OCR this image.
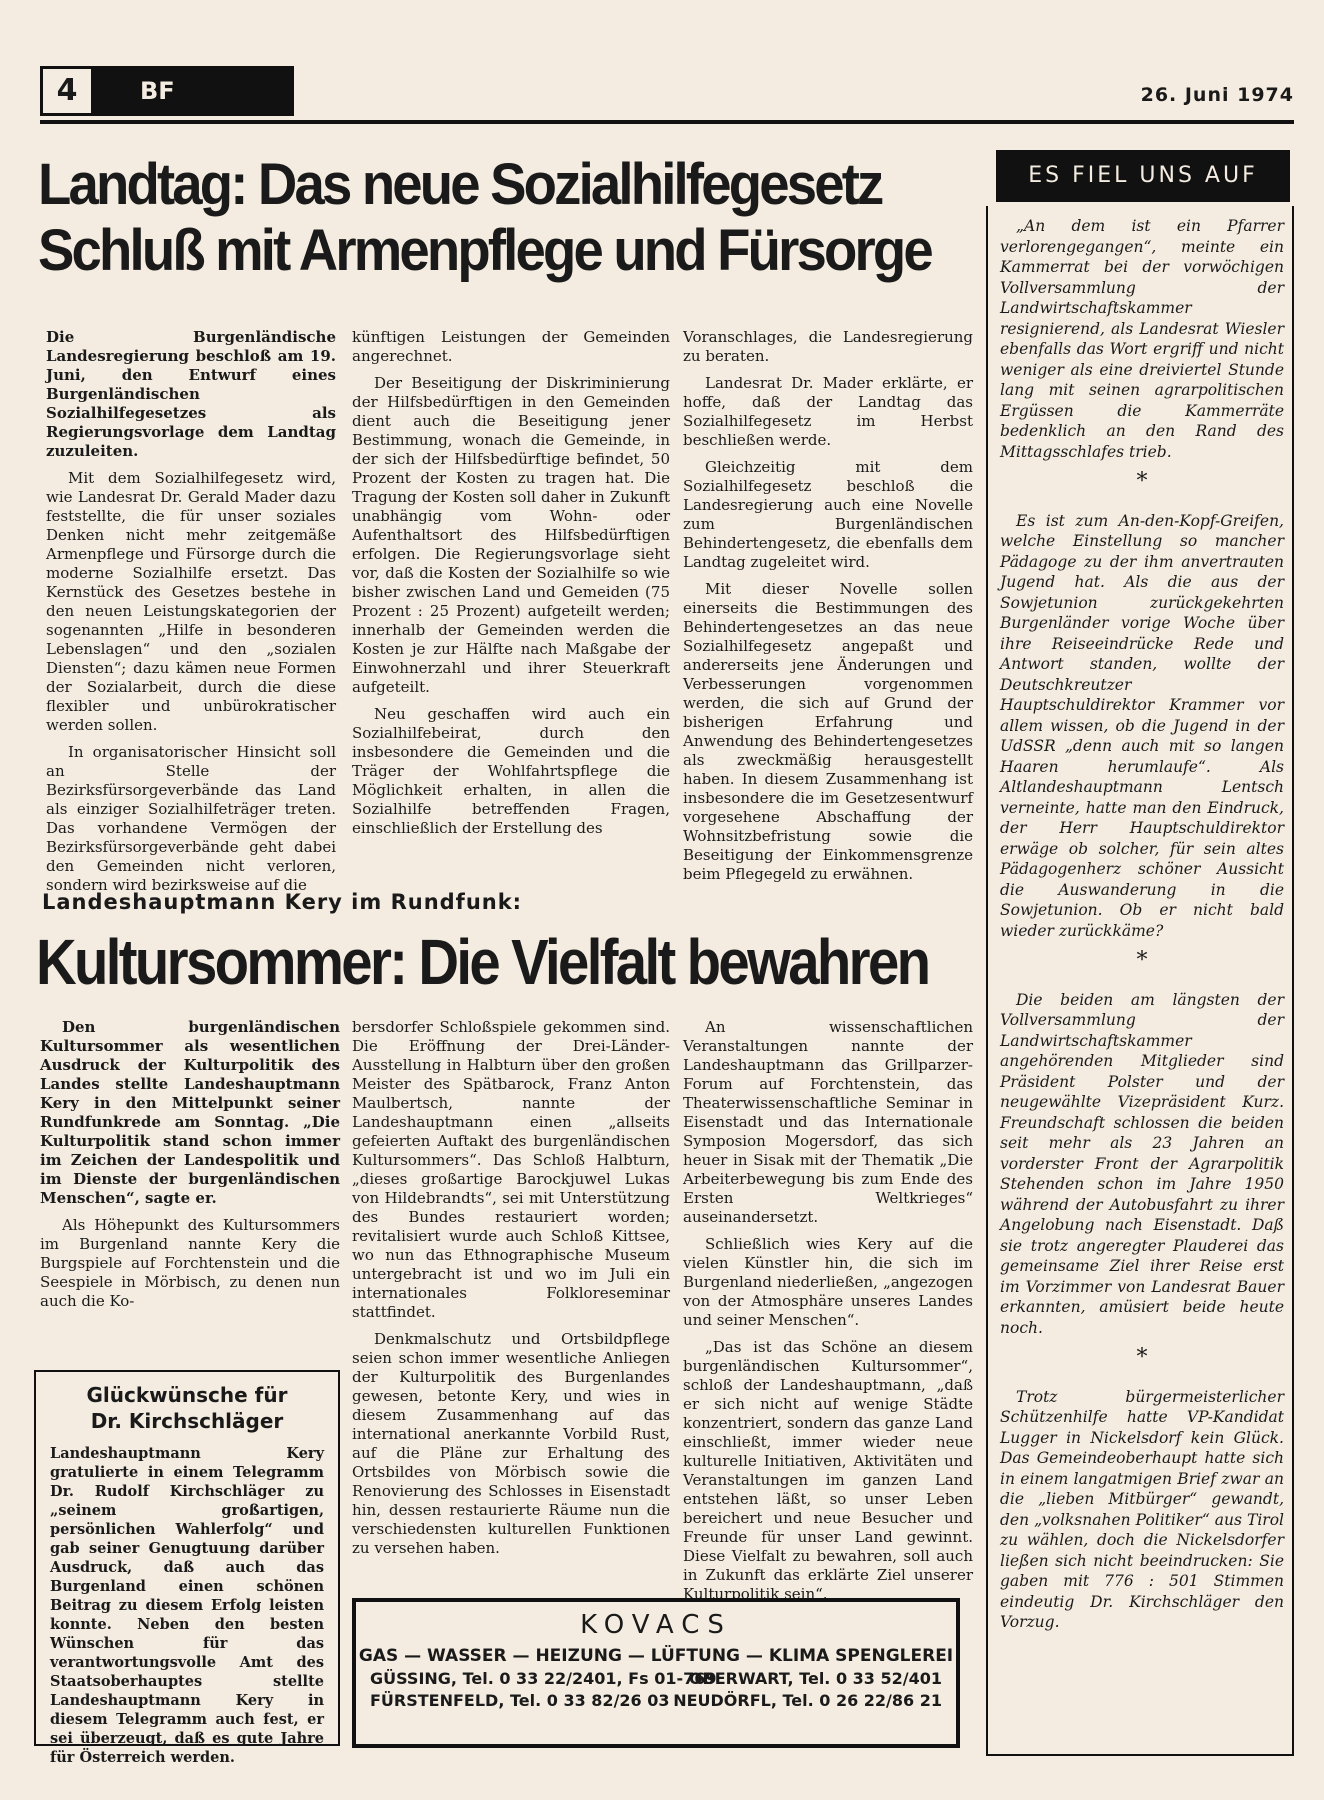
4	BF	26. Juni 1974
Landtag: Das neue Sozialhilfegesetz
Schluß mit Armenpflege und Fürsorge

Die Burgenländische Landesregierung beschloß am 19. Juni, den Entwurf eines Burgenländischen Sozialhilfegesetzes als Regierungsvorlage dem Landtag zuzuleiten.

Mit dem Sozialhilfegesetz wird, wie Landesrat Dr. Gerald Mader dazu feststellte, die für unser soziales Denken nicht mehr zeitgemäße Armenpflege und Fürsorge durch die moderne Sozialhilfe ersetzt. Das Kernstück des Gesetzes bestehe in den neuen Leistungskategorien der sogenannten „Hilfe in besonderen Lebenslagen“ und den „sozialen Diensten“; dazu kämen neue Formen der Sozialarbeit, durch die diese flexibler und unbürokratischer werden sollen.

In organisatorischer Hinsicht soll an Stelle der Bezirksfürsorgeverbände das Land als einziger Sozialhilfeträger treten. Das vorhandene Vermögen der Bezirksfürsorgeverbände geht dabei den Gemeinden nicht verloren, sondern wird bezirksweise auf die

künftigen Leistungen der Gemeinden angerechnet.

Der Beseitigung der Diskriminierung der Hilfsbedürftigen in den Gemeinden dient auch die Beseitigung jener Bestimmung, wonach die Gemeinde, in der sich der Hilfsbedürftige befindet, 50 Prozent der Kosten zu tragen hat. Die Tragung der Kosten soll daher in Zukunft unabhängig vom Wohn- oder Aufenthaltsort des Hilfsbedürftigen erfolgen. Die Regierungsvorlage sieht vor, daß die Kosten der Sozialhilfe so wie bisher zwischen Land und Gemeiden (75 Prozent : 25 Prozent) aufgeteilt werden; innerhalb der Gemeinden werden die Kosten je zur Hälfte nach Maßgabe der Einwohnerzahl und ihrer Steuerkraft aufgeteilt.

Neu geschaffen wird auch ein Sozialhilfebeirat, durch den insbesondere die Gemeinden und die Träger der Wohlfahrtspflege die Möglichkeit erhalten, in allen die Sozialhilfe betreffenden Fragen, einschließlich der Erstellung des

Voranschlages, die Landesregierung zu beraten.

Landesrat Dr. Mader erklärte, er hoffe, daß der Landtag das Sozialhilfegesetz im Herbst beschließen werde.

Gleichzeitig mit dem Sozialhilfegesetz beschloß die Landesregierung auch eine Novelle zum Burgenländischen Behindertengesetz, die ebenfalls dem Landtag zugeleitet wird.

Mit dieser Novelle sollen einerseits die Bestimmungen des Behindertengesetzes an das neue Sozialhilfegesetz angepaßt und andererseits jene Änderungen und Verbesserungen vorgenommen werden, die sich auf Grund der bisherigen Erfahrung und Anwendung des Behindertengesetzes als zweckmäßig herausgestellt haben. In diesem Zusammenhang ist insbesondere die im Gesetzesentwurf vorgesehene Abschaffung der Wohnsitzbefristung sowie die Beseitigung der Einkommensgrenze beim Pflegegeld zu erwähnen.

Landeshauptmann Kery im Rundfunk:
Kultursommer: Die Vielfalt bewahren

Den burgenländischen Kultursommer als wesentlichen Ausdruck der Kulturpolitik des Landes stellte Landeshauptmann Kery in den Mittelpunkt seiner Rundfunkrede am Sonntag. „Die Kulturpolitik stand schon immer im Zeichen der Landespolitik und im Dienste der burgenländischen Menschen“, sagte er.

Als Höhepunkt des Kultursommers im Burgenland nannte Kery die Burgspiele auf Forchtenstein und die Seespiele in Mörbisch, zu denen nun auch die Ko-

bersdorfer Schloßspiele gekommen sind. Die Eröffnung der Drei-Länder-Ausstellung in Halbturn über den großen Meister des Spätbarock, Franz Anton Maulbertsch, nannte der Landeshauptmann einen „allseits gefeierten Auftakt des burgenländischen Kultursommers“. Das Schloß Halbturn, „dieses großartige Barockjuwel Lukas von Hildebrandts“, sei mit Unterstützung des Bundes restauriert worden; revitalisiert wurde auch Schloß Kittsee, wo nun das Ethnographische Museum untergebracht ist und wo im Juli ein internationales Folkloreseminar stattfindet.

Denkmalschutz und Ortsbildpflege seien schon immer wesentliche Anliegen der Kulturpolitik des Burgenlandes gewesen, betonte Kery, und wies in diesem Zusammenhang auf das international anerkannte Vorbild Rust, auf die Pläne zur Erhaltung des Ortsbildes von Mörbisch sowie die Renovierung des Schlosses in Eisenstadt hin, dessen restaurierte Räume nun die verschiedensten kulturellen Funktionen zu versehen haben.

An wissenschaftlichen Veranstaltungen nannte der Landeshauptmann das Grillparzer-Forum auf Forchtenstein, das Theaterwissenschaftliche Seminar in Eisenstadt und das Internationale Symposion Mogersdorf, das sich heuer in Sisak mit der Thematik „Die Arbeiterbewegung bis zum Ende des Ersten Weltkrieges“ auseinandersetzt.

Schließlich wies Kery auf die vielen Künstler hin, die sich im Burgenland niederließen, „angezogen von der Atmosphäre unseres Landes und seiner Menschen“.

„Das ist das Schöne an diesem burgenländischen Kultursommer“, schloß der Landeshauptmann, „daß er sich nicht auf wenige Städte konzentriert, sondern das ganze Land einschließt, immer wieder neue kulturelle Initiativen, Aktivitäten und Veranstaltungen im ganzen Land entstehen läßt, so unser Leben bereichert und neue Besucher und Freunde für unser Land gewinnt. Diese Vielfalt zu bewahren, soll auch in Zukunft das erklärte Ziel unserer Kulturpolitik sein“.

Glückwünsche für
Dr. Kirchschläger
Landeshauptmann Kery gratulierte in einem Telegramm Dr. Rudolf Kirchschläger zu „seinem großartigen, persönlichen Wahlerfolg“ und gab seiner Genugtuung darüber Ausdruck, daß auch das Burgenland einen schönen Beitrag zu diesem Erfolg leisten konnte. Neben den besten Wünschen für das verantwortungsvolle Amt des Staatsoberhauptes stellte Landeshauptmann Kery in diesem Telegramm auch fest, er sei überzeugt, daß es gute Jahre für Österreich werden.
KOVACS
GAS — WASSER — HEIZUNG — LÜFTUNG — KLIMA SPENGLEREI
GÜSSING, Tel. 0 33 22/2401, Fs 01-769
OBERWART, Tel. 0 33 52/401
FÜRSTENFELD, Tel. 0 33 82/26 03 NEUDÖRFL, Tel. 0 26 22/86 21
ES FIEL UNS AUF

„An dem ist ein Pfarrer verlorengegangen“, meinte ein Kammerrat bei der vorwöchigen Vollversammlung der Landwirtschaftskammer resignierend, als Landesrat Wiesler ebenfalls das Wort ergriff und nicht weniger als eine dreiviertel Stunde lang mit seinen agrarpolitischen Ergüssen die Kammerräte bedenklich an den Rand des Mittagsschlafes trieb.

*

Es ist zum An-den-Kopf-Greifen, welche Einstellung so mancher Pädagoge zu der ihm anvertrauten Jugend hat. Als die aus der Sowjetunion zurückgekehrten Burgenländer vorige Woche über ihre Reiseeindrücke Rede und Antwort standen, wollte der Deutschkreutzer Hauptschuldirektor Krammer vor allem wissen, ob die Jugend in der UdSSR „denn auch mit so langen Haaren herumlaufe“. Als Altlandeshauptmann Lentsch verneinte, hatte man den Eindruck, der Herr Hauptschuldirektor erwäge ob solcher, für sein altes Pädagogenherz schöner Aussicht die Auswanderung in die Sowjetunion. Ob er nicht bald wieder zurückkäme?

*

Die beiden am längsten der Vollversammlung der Landwirtschaftskammer angehörenden Mitglieder sind Präsident Polster und der neugewählte Vizepräsident Kurz. Freundschaft schlossen die beiden seit mehr als 23 Jahren an vorderster Front der Agrarpolitik Stehenden schon im Jahre 1950 während der Autobusfahrt zu ihrer Angelobung nach Eisenstadt. Daß sie trotz angeregter Plauderei das gemeinsame Ziel ihrer Reise erst im Vorzimmer von Landesrat Bauer erkannten, amüsiert beide heute noch.

*

Trotz bürgermeisterlicher Schützenhilfe hatte VP-Kandidat Lugger in Nickelsdorf kein Glück. Das Gemeindeoberhaupt hatte sich in einem langatmigen Brief zwar an die „lieben Mitbürger“ gewandt, den „volksnahen Politiker“ aus Tirol zu wählen, doch die Nickelsdorfer ließen sich nicht beeindrucken: Sie gaben mit 776 : 501 Stimmen eindeutig Dr. Kirchschläger den Vorzug.
